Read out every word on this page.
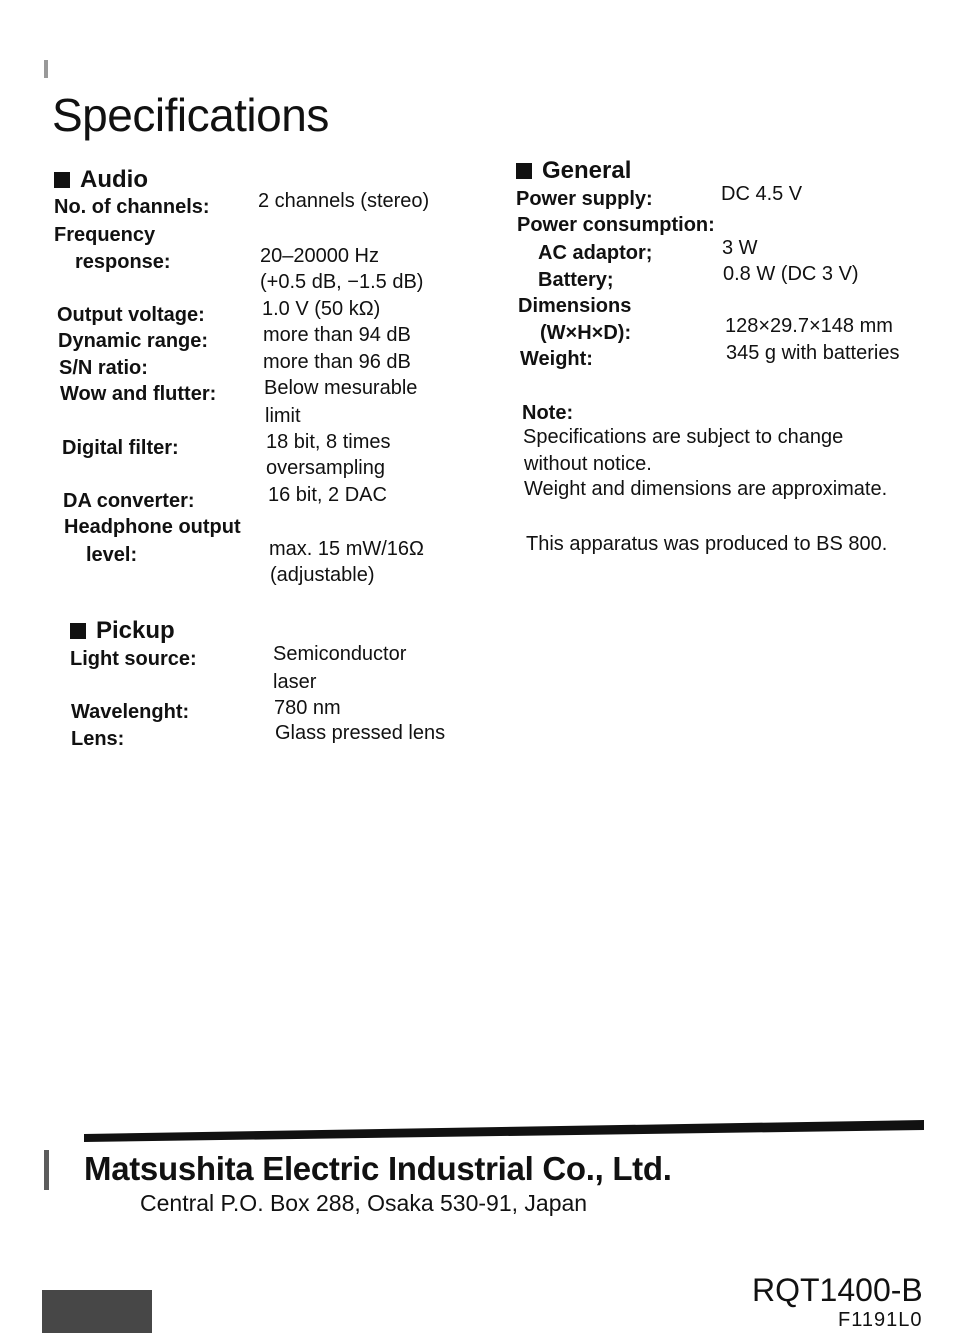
Specifications
Audio
No. of channels: 2 channels (stereo)
Frequency
response:	20–20000 Hz
(+0.5 dB, −1.5 dB)
Output voltage:	1.0 V (50 kΩ)
Dynamic range:	more than 94 dB
S/N ratio:	more than 96 dB
Wow and flutter: Below mesurable
limit
Digital filter:	18 bit, 8 times
oversampling
DA converter:	16 bit, 2 DAC
Headphone output
level:	max. 15 mW/16Ω
(adjustable)
Pickup
Light source:	Semiconductor
laser
Wavelenght:	780 nm
Lens:	Glass pressed lens
General
Power supply:	DC 4.5 V
Power consumption:
AC adaptor;	3 W
Battery;	0.8 W (DC 3 V)
Dimensions
(W×H×D):	128×29.7×148 mm
Weight:	345 g with batteries
Note:
Specifications are subject to change
without notice.
Weight and dimensions are approximate.
This apparatus was produced to BS 800.
Matsushita Electric Industrial Co., Ltd.
Central P.O. Box 288, Osaka 530-91, Japan
RQT1400-B
F1191L0
